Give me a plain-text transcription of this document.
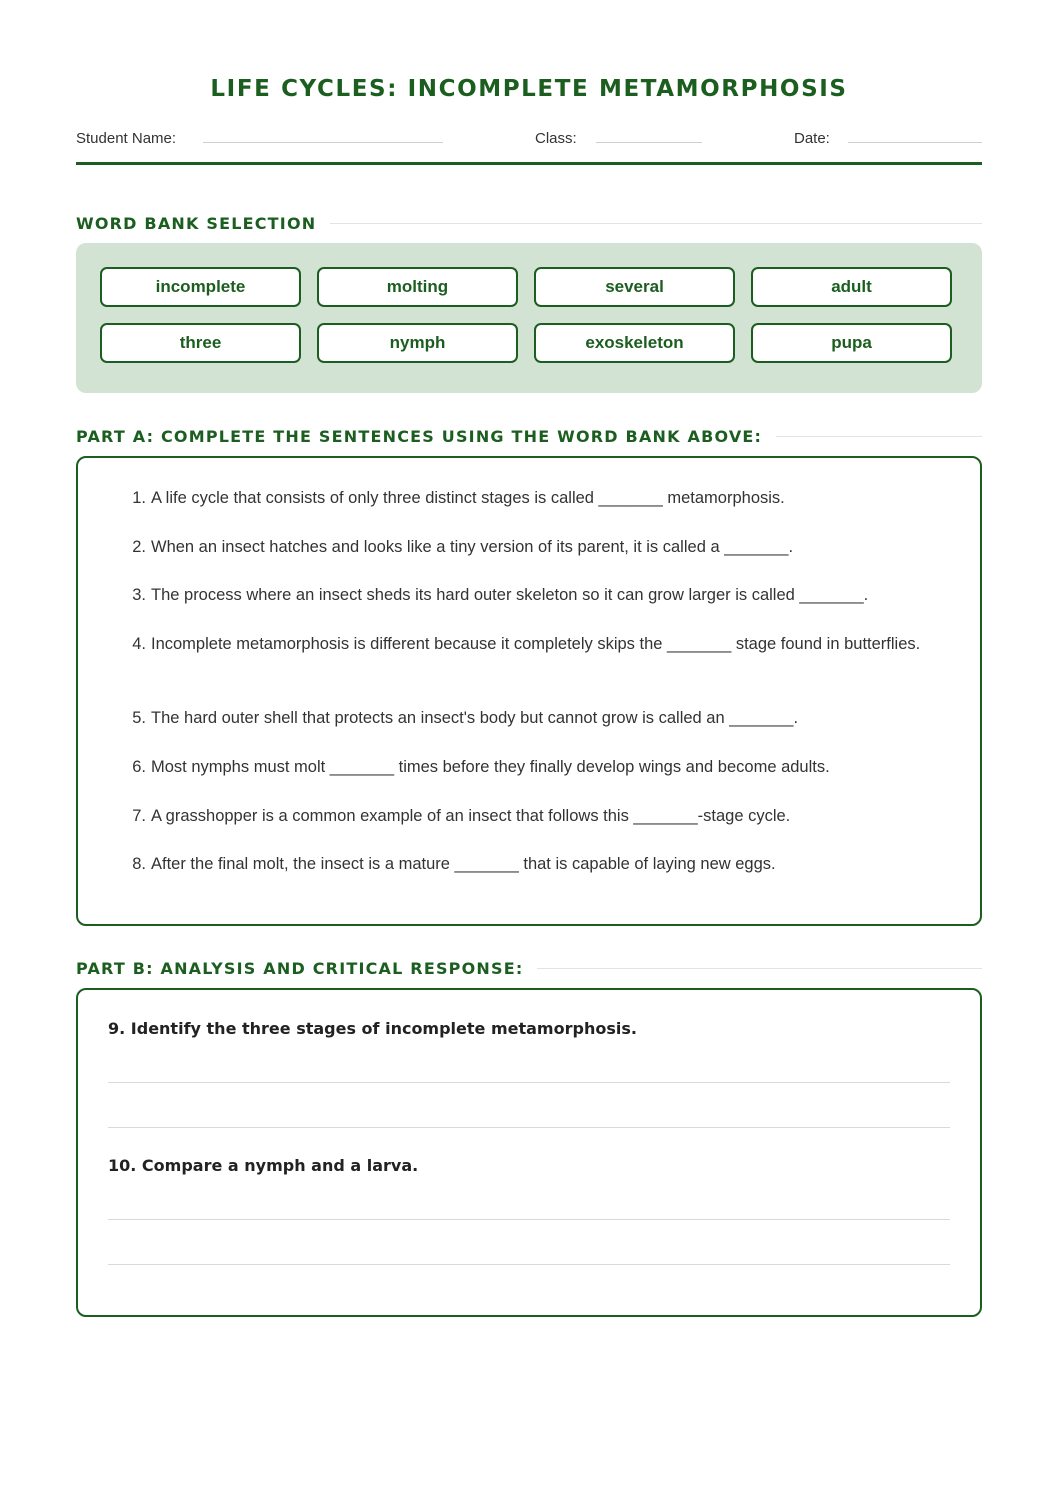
LIFE CYCLES: INCOMPLETE METAMORPHOSIS
Student Name:	Class:	Date:
WORD BANK SELECTION
incomplete	molting	several	adult
three	nymph	exoskeleton	pupa
PART A: COMPLETE THE SENTENCES USING THE WORD BANK ABOVE:
1. A life cycle that consists of only three distinct stages is called _______ metamorphosis.
2. When an insect hatches and looks like a tiny version of its parent, it is called a _______.
3. The process where an insect sheds its hard outer skeleton so it can grow larger is called _______.
4. Incomplete metamorphosis is different because it completely skips the _______ stage found in butterflies.
5. The hard outer shell that protects an insect's body but cannot grow is called an _______.
6. Most nymphs must molt _______ times before they finally develop wings and become adults.
7. A grasshopper is a common example of an insect that follows this _______-stage cycle.
8. After the final molt, the insect is a mature _______ that is capable of laying new eggs.
PART B: ANALYSIS AND CRITICAL RESPONSE:
9. Identify the three stages of incomplete metamorphosis.
10. Compare a nymph and a larva.
